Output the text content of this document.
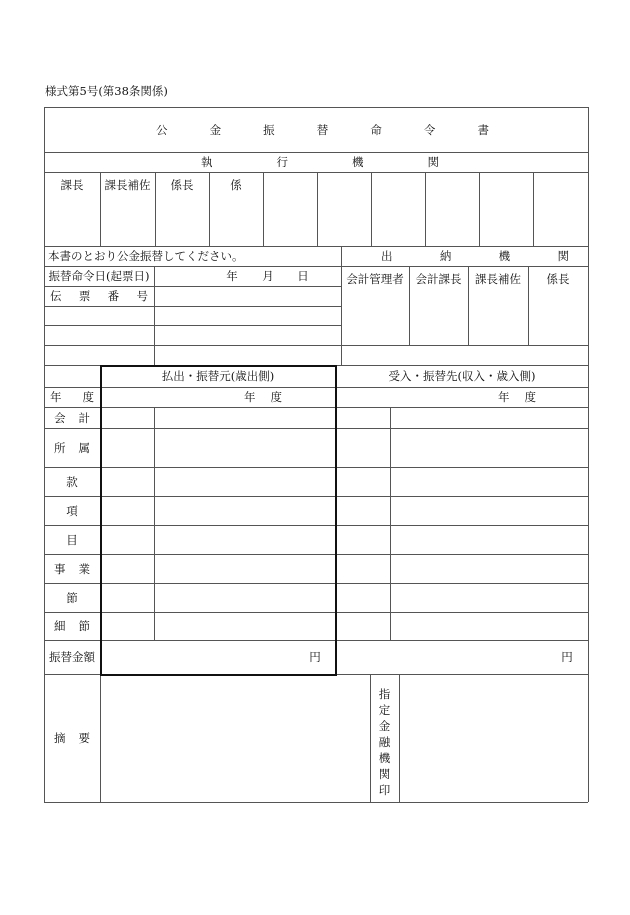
様式第5号(第38条関係)
公	金	振	替	命	令	書
執	行	機	関
課長	課長補佐	係長	係
本書のとおり公金振替してください。	出	納	機	関
振替命令日(起票日)	年	月	日
伝 票 番 号
会計管理者	会計課長	課長補佐	係長
払出・振替元(歳出側)	受入・振替先(収入・歳入側)
年 度	年 度	年 度
会 計
所 属
款
項
目
事 業
節
細 節
振替金額	円	円
摘 要
指
定
金
融
機
関
印
